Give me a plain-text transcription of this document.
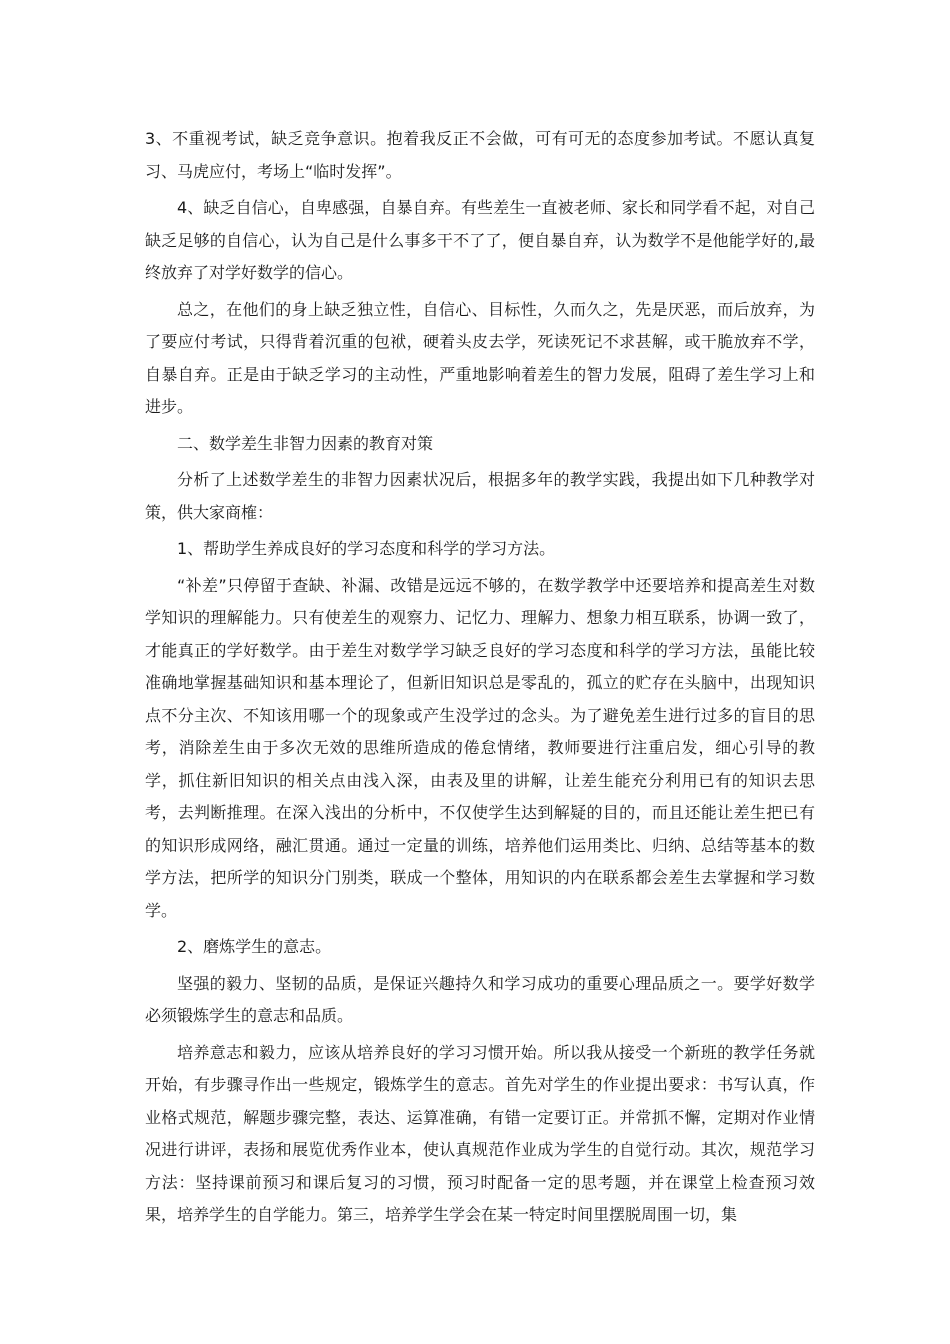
3、不重视考试，缺乏竞争意识。抱着我反正不会做，可有可无的态度参加考试。不愿认真复习、马虎应付，考场上“临时发挥”。

4、缺乏自信心，自卑感强，自暴自弃。有些差生一直被老师、家长和同学看不起，对自己缺乏足够的自信心，认为自己是什么事多干不了了，便自暴自弃，认为数学不是他能学好的,最终放弃了对学好数学的信心。

总之，在他们的身上缺乏独立性，自信心、目标性，久而久之，先是厌恶，而后放弃，为了要应付考试，只得背着沉重的包袱，硬着头皮去学，死读死记不求甚解，或干脆放弃不学，自暴自弃。正是由于缺乏学习的主动性，严重地影响着差生的智力发展，阻碍了差生学习上和进步。

二、数学差生非智力因素的教育对策

分析了上述数学差生的非智力因素状况后，根据多年的教学实践，我提出如下几种教学对策，供大家商榷：

1、帮助学生养成良好的学习态度和科学的学习方法。

“补差”只停留于查缺、补漏、改错是远远不够的，在数学教学中还要培养和提高差生对数学知识的理解能力。只有使差生的观察力、记忆力、理解力、想象力相互联系，协调一致了，才能真正的学好数学。由于差生对数学学习缺乏良好的学习态度和科学的学习方法，虽能比较准确地掌握基础知识和基本理论了，但新旧知识总是零乱的，孤立的贮存在头脑中，出现知识点不分主次、不知该用哪一个的现象或产生没学过的念头。为了避免差生进行过多的盲目的思考，消除差生由于多次无效的思维所造成的倦怠情绪，教师要进行注重启发，细心引导的教学，抓住新旧知识的相关点由浅入深，由表及里的讲解，让差生能充分利用已有的知识去思考，去判断推理。在深入浅出的分析中，不仅使学生达到解疑的目的，而且还能让差生把已有的知识形成网络，融汇贯通。通过一定量的训练，培养他们运用类比、归纳、总结等基本的数学方法，把所学的知识分门别类，联成一个整体，用知识的内在联系都会差生去掌握和学习数学。

2、磨炼学生的意志。

坚强的毅力、坚韧的品质，是保证兴趣持久和学习成功的重要心理品质之一。要学好数学必须锻炼学生的意志和品质。

培养意志和毅力，应该从培养良好的学习习惯开始。所以我从接受一个新班的教学任务就开始，有步骤寻作出一些规定，锻炼学生的意志。首先对学生的作业提出要求：书写认真，作业格式规范，解题步骤完整，表达、运算准确，有错一定要订正。并常抓不懈，定期对作业情况进行讲评，表扬和展览优秀作业本，使认真规范作业成为学生的自觉行动。其次，规范学习方法：坚持课前预习和课后复习的习惯，预习时配备一定的思考题，并在课堂上检查预习效果，培养学生的自学能力。第三，培养学生学会在某一特定时间里摆脱周围一切，集
